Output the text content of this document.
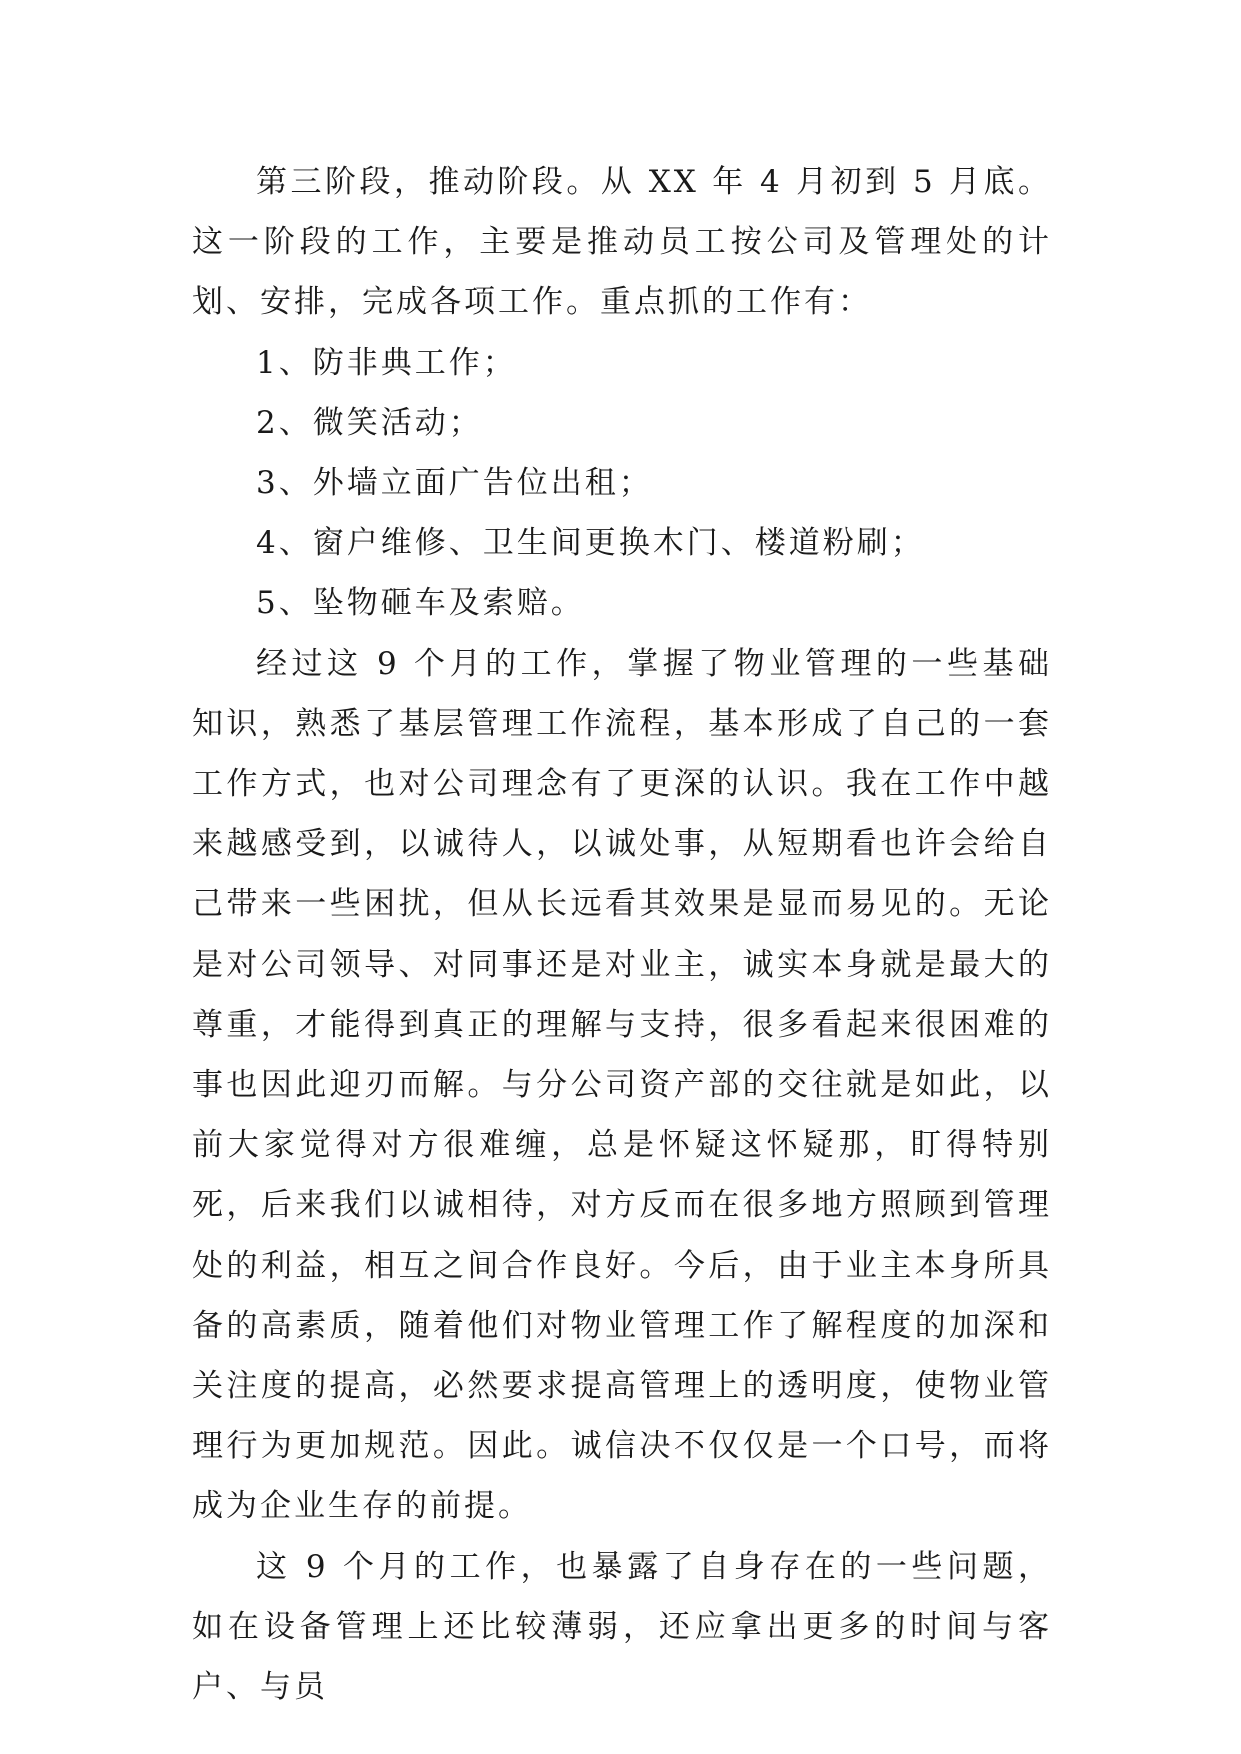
第三阶段，推动阶段。从 XX 年 4 月初到 5 月底。这一阶段的工作，主要是推动员工按公司及管理处的计划、安排，完成各项工作。重点抓的工作有：

1、防非典工作；

2、微笑活动；

3、外墙立面广告位出租；

4、窗户维修、卫生间更换木门、楼道粉刷；

5、坠物砸车及索赔。

经过这 9 个月的工作，掌握了物业管理的一些基础知识，熟悉了基层管理工作流程，基本形成了自己的一套工作方式，也对公司理念有了更深的认识。我在工作中越来越感受到，以诚待人，以诚处事，从短期看也许会给自己带来一些困扰，但从长远看其效果是显而易见的。无论是对公司领导、对同事还是对业主，诚实本身就是最大的尊重，才能得到真正的理解与支持，很多看起来很困难的事也因此迎刃而解。与分公司资产部的交往就是如此，以前大家觉得对方很难缠，总是怀疑这怀疑那，盯得特别死，后来我们以诚相待，对方反而在很多地方照顾到管理处的利益，相互之间合作良好。今后，由于业主本身所具备的高素质，随着他们对物业管理工作了解程度的加深和关注度的提高，必然要求提高管理上的透明度，使物业管理行为更加规范。因此。诚信决不仅仅是一个口号，而将成为企业生存的前提。

这 9 个月的工作，也暴露了自身存在的一些问题，如在设备管理上还比较薄弱，还应拿出更多的时间与客户、与员
